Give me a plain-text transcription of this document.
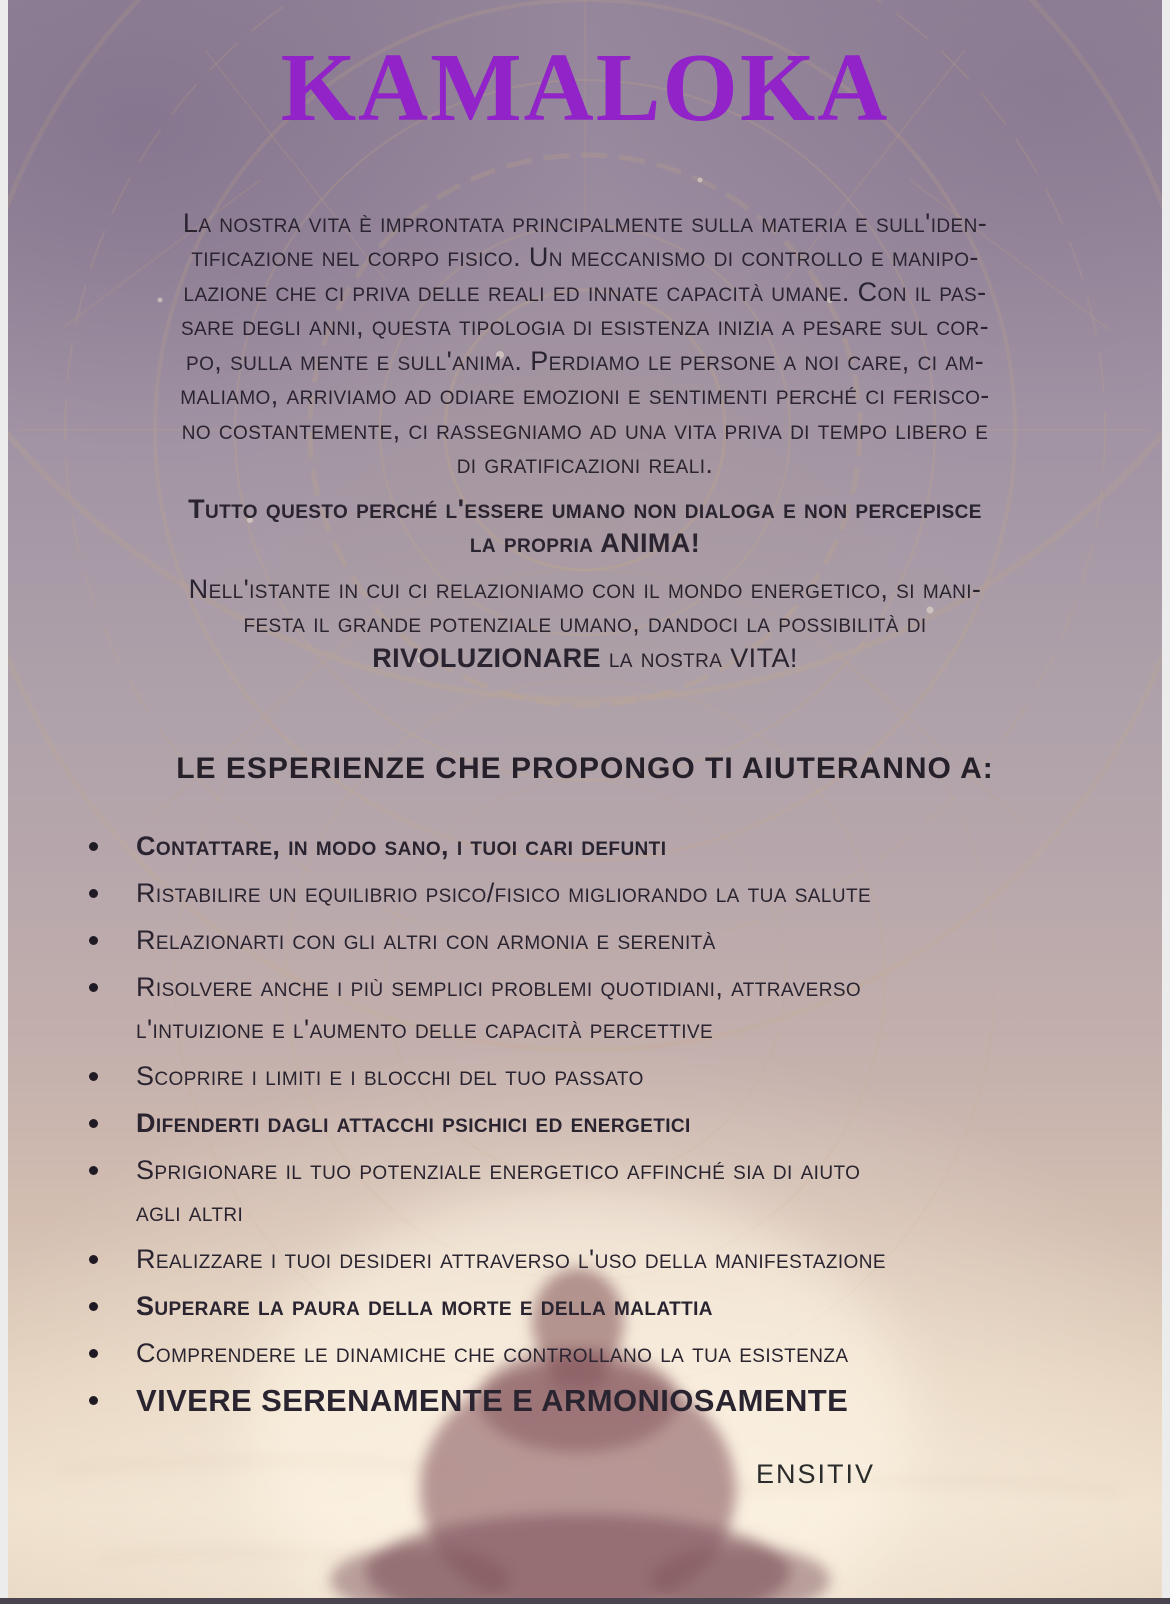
KAMALOKA
La nostra vita è improntata principalmente sulla materia e sull'iden-
tificazione nel corpo fisico. Un meccanismo di controllo e manipo-
lazione che ci priva delle reali ed innate capacità umane. Con il pas-
sare degli anni, questa tipologia di esistenza inizia a pesare sul cor-
po, sulla mente e sull'anima. Perdiamo le persone a noi care, ci am-
maliamo, arriviamo ad odiare emozioni e sentimenti perché ci ferisco-
no costantemente, ci rassegniamo ad una vita priva di tempo libero e
di gratificazioni reali.
Tutto questo perché l'essere umano non dialoga e non percepisce
la propria ANIMA!
Nell'istante in cui ci relazioniamo con il mondo energetico, si mani-
festa il grande potenziale umano, dandoci la possibilità di
RIVOLUZIONARE la nostra VITA!
LE ESPERIENZE CHE PROPONGO TI AIUTERANNO A:
Contattare, in modo sano, i tuoi cari defunti
Ristabilire un equilibrio psico/fisico migliorando la tua salute
Relazionarti con gli altri con armonia e serenità
Risolvere anche i più semplici problemi quotidiani, attraverso
l'intuizione e l'aumento delle capacità percettive
Scoprire i limiti e i blocchi del tuo passato
Difenderti dagli attacchi psichici ed energetici
Sprigionare il tuo potenziale energetico affinché sia di aiuto
agli altri
Realizzare i tuoi desideri attraverso l'uso della manifestazione
Superare la paura della morte e della malattia
Comprendere le dinamiche che controllano la tua esistenza
VIVERE SERENAMENTE E ARMONIOSAMENTE
ENSITIV
